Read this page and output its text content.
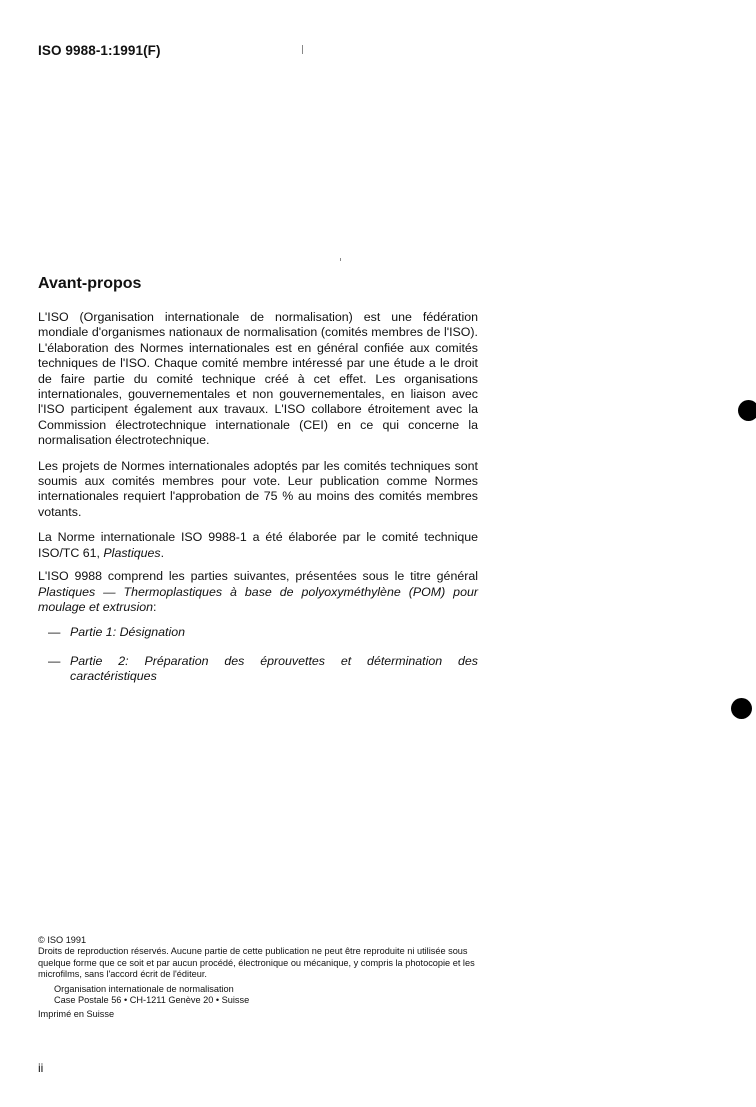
ISO 9988-1:1991(F)
Avant-propos

L'ISO (Organisation internationale de normalisation) est une fédération mondiale d'organismes nationaux de normalisation (comités membres de l'ISO). L'élaboration des Normes internationales est en général confiée aux comités techniques de l'ISO. Chaque comité membre intéressé par une étude a le droit de faire partie du comité technique créé à cet effet. Les organisations internationales, gouvernementales et non gouvernementales, en liaison avec l'ISO participent également aux travaux. L'ISO collabore étroitement avec la Commission électrotechnique internationale (CEI) en ce qui concerne la normalisation électrotechnique.

Les projets de Normes internationales adoptés par les comités techniques sont soumis aux comités membres pour vote. Leur publication comme Normes internationales requiert l'approbation de 75 % au moins des comités membres votants.

La Norme internationale ISO 9988-1 a été élaborée par le comité technique ISO/TC 61, Plastiques.

L'ISO 9988 comprend les parties suivantes, présentées sous le titre général Plastiques — Thermoplastiques à base de polyoxyméthylène (POM) pour moulage et extrusion:

— Partie 1: Désignation
— Partie 2: Préparation des éprouvettes et détermination des caractéristiques
© ISO 1991
Droits de reproduction réservés. Aucune partie de cette publication ne peut être reproduite ni utilisée sous quelque forme que ce soit et par aucun procédé, électronique ou mécanique, y compris la photocopie et les microfilms, sans l'accord écrit de l'éditeur.
Organisation internationale de normalisation
Case Postale 56 • CH-1211 Genève 20 • Suisse
Imprimé en Suisse
ii
